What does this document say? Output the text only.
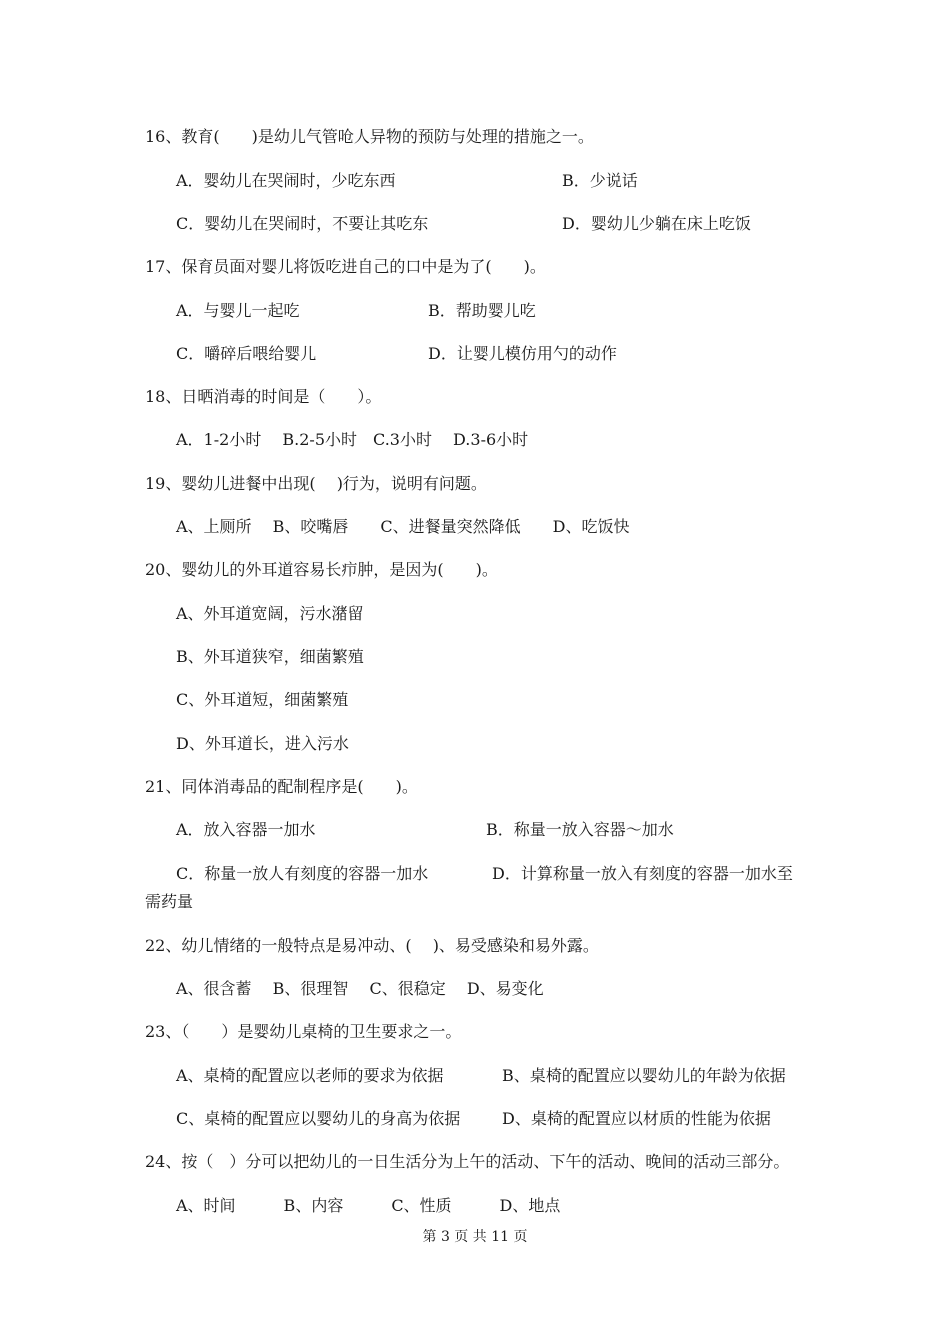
16、教育(　　)是幼儿气管呛人异物的预防与处理的措施之一。
A．婴幼儿在哭闹时，少吃东西	B．少说话
C．婴幼儿在哭闹时，不要让其吃东	D．婴幼儿少躺在床上吃饭
17、保育员面对婴儿将饭吃进自己的口中是为了(　　)。
A．与婴儿一起吃	B．帮助婴儿吃
C．嚼碎后喂给婴儿	D．让婴儿模仿用勺的动作
18、日晒消毒的时间是（　　）。
A．1-2小时　 B.2-5小时　C.3小时　 D.3-6小时
19、婴幼儿进餐中出现(　 )行为，说明有问题。
A、上厕所　 B、咬嘴唇　　C、进餐量突然降低　　D、吃饭快
20、婴幼儿的外耳道容易长疖肿，是因为(　　)。
A、外耳道宽阔，污水潴留
B、外耳道狭窄，细菌繁殖
C、外耳道短，细菌繁殖
D、外耳道长，进入污水
21、同体消毒品的配制程序是(　　)。
A．放入容器一加水	B．称量一放入容器～加水
C．称量一放人有刻度的容器一加水	D．计算称量一放入有刻度的容器一加水至
需药量
22、幼儿情绪的一般特点是易冲动、(　 )、易受感染和易外露。
A、很含蓄　 B、很理智　 C、很稳定　 D、易变化
23、（　　）是婴幼儿桌椅的卫生要求之一。
A、桌椅的配置应以老师的要求为依据	B、桌椅的配置应以婴幼儿的年龄为依据
C、桌椅的配置应以婴幼儿的身高为依据	D、桌椅的配置应以材质的性能为依据
24、按（　）分可以把幼儿的一日生活分为上午的活动、下午的活动、晚间的活动三部分。
A、时间　　　B、内容　　　C、性质　　　D、地点
第 3 页 共 11 页
